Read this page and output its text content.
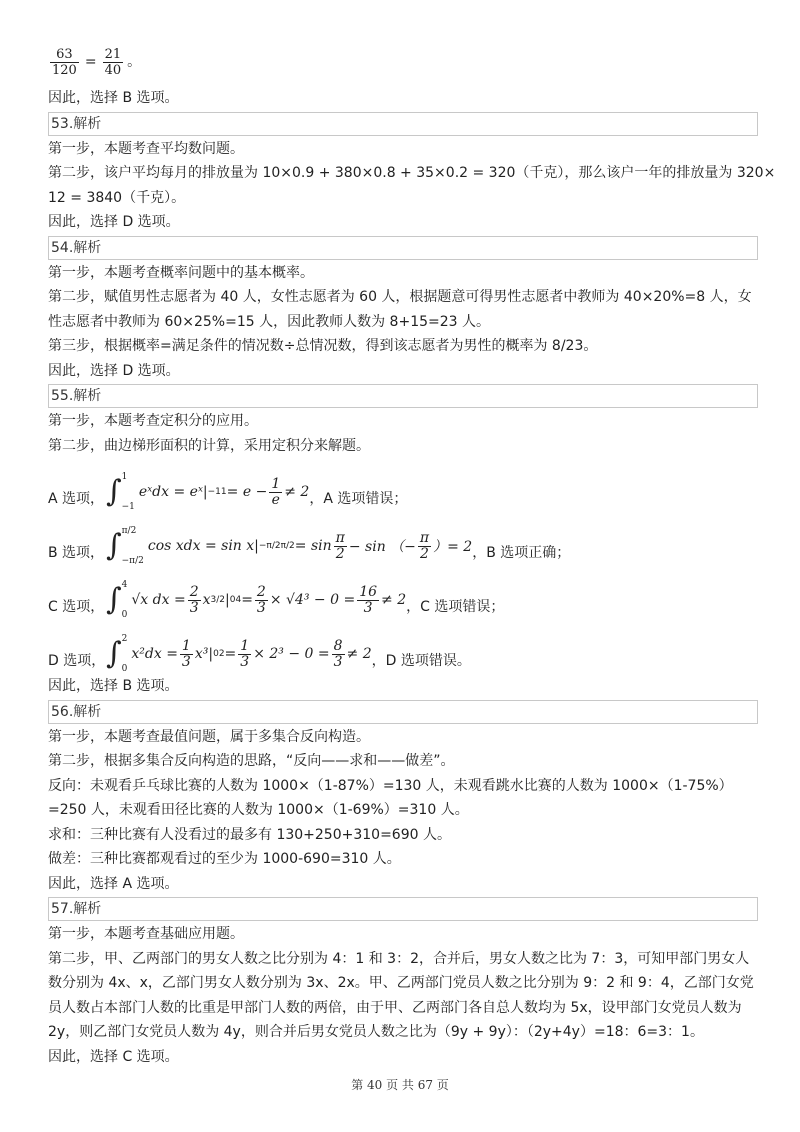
$\frac{63}{120} = \frac{21}{40}$ 。
因此，选择 B 选项。
53.解析
第一步，本题考查平均数问题。
第二步，该户平均每月的排放量为 10×0.9 + 380×0.8 + 35×0.2 = 320（千克），那么该户一年的排放量为 320×
12 = 3840（千克）。
因此，选择 D 选项。
54.解析
第一步，本题考查概率问题中的基本概率。
第二步，赋值男性志愿者为 40 人，女性志愿者为 60 人，根据题意可得男性志愿者中教师为 40×20%=8 人，女
性志愿者中教师为 60×25%=15 人，因此教师人数为 8+15=23 人。
第三步，根据概率=满足条件的情况数÷总情况数，得到该志愿者为男性的概率为 8/23。
因此，选择 D 选项。
55.解析
第一步，本题考查定积分的应用。
第二步，曲边梯形面积的计算，采用定积分来解题。
A 选项， ∫ 1
−1
eˣdx = eˣ| −1 $1 = e - \frac{1}{e} \ne 2$ ，A 选项错误；
B 选项， ∫ π/2
−π/2
cos xdx = sin x| −π/2 $\pi/2 = \sin \frac{\pi}{2} - \sin$ （− $\frac{\pi}{2}$ ）= 2 ，B 选项正确；
C 选项， ∫ 4
0
√x dx = $\frac{2}{3}$ x 3/2 | 0 $4 = \frac{2}{3} \times √4^3 - 0 = \frac{16}{3} \ne 2$ ，C 选项错误；
D 选项， ∫ 2
0
$x^2dx = \frac{1}{3} x^3|$ 0 $2 = \frac{1}{3} \times 2^3 - 0 = \frac{8}{3} \ne 2$ ，D 选项错误。
因此，选择 B 选项。
56.解析
第一步，本题考查最值问题，属于多集合反向构造。
第二步，根据多集合反向构造的思路，“反向——求和——做差”。
反向：未观看乒乓球比赛的人数为 1000×（1-87%）=130 人，未观看跳水比赛的人数为 1000×（1-75%）
=250 人，未观看田径比赛的人数为 1000×（1-69%）=310 人。
求和：三种比赛有人没看过的最多有 130+250+310=690 人。
做差：三种比赛都观看过的至少为 1000-690=310 人。
因此，选择 A 选项。
57.解析
第一步，本题考查基础应用题。
第二步，甲、乙两部门的男女人数之比分别为 4：1 和 3：2，合并后，男女人数之比为 7：3，可知甲部门男女人
数分别为 4x、x，乙部门男女人数分别为 3x、2x。甲、乙两部门党员人数之比分别为 9：2 和 9：4，乙部门女党
员人数占本部门人数的比重是甲部门人数的两倍，由于甲、乙两部门各自总人数均为 5x，设甲部门女党员人数为
2y，则乙部门女党员人数为 4y，则合并后男女党员人数之比为（9y + 9y）：（2y+4y）=18：6=3：1。
因此，选择 C 选项。
第 40 页 共 67 页
